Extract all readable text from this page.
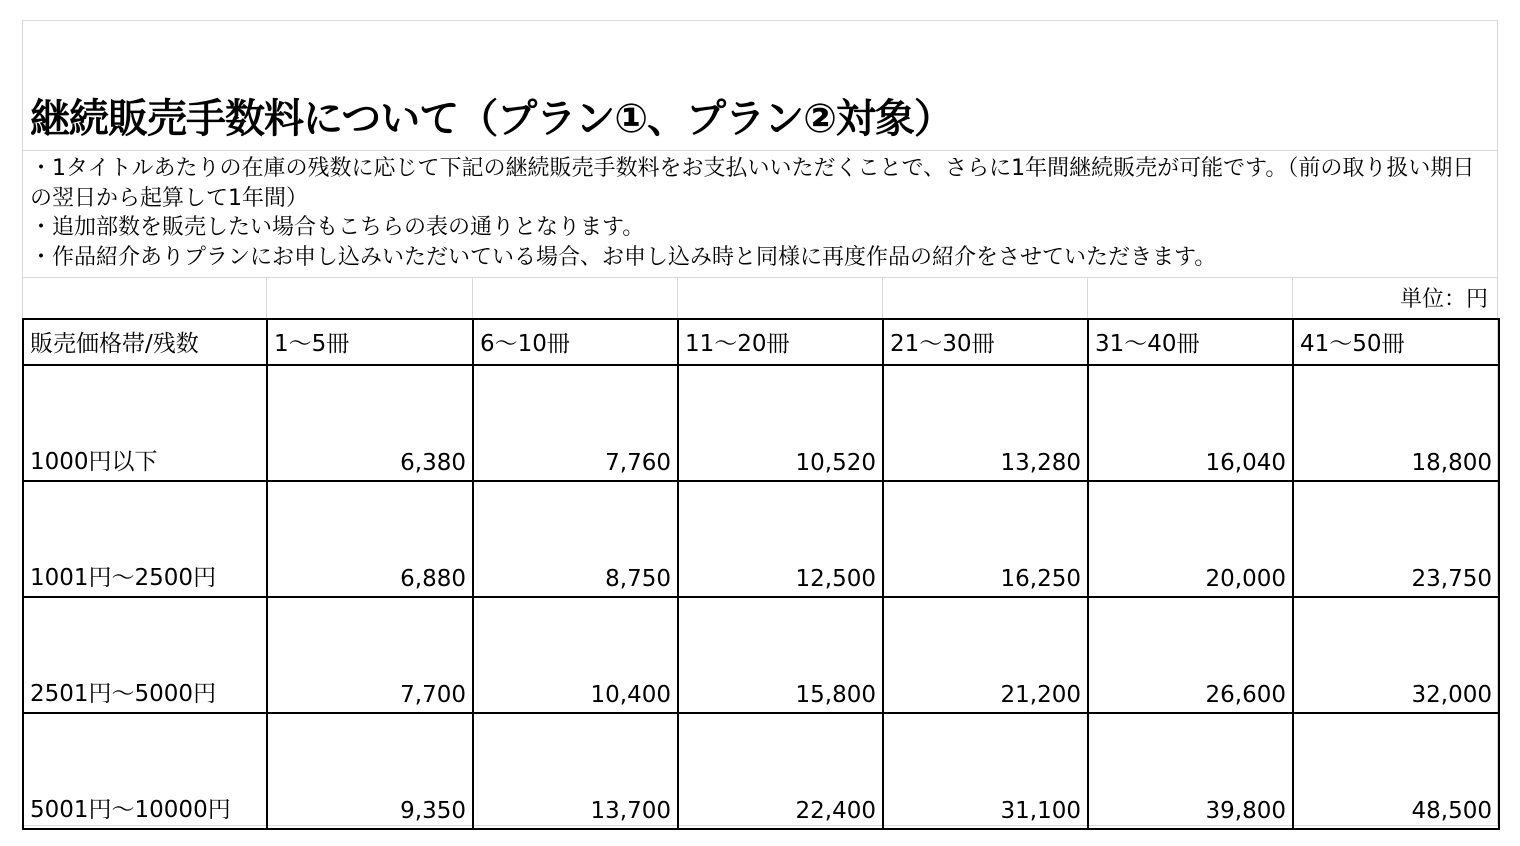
継続販売手数料について（プラン①、プラン②対象）

・1タイトルあたりの在庫の残数に応じて下記の継続販売手数料をお支払いいただくことで、さらに1年間継続販売が可能です。（前の取り扱い期日の翌日から起算して1年間）

・追加部数を販売したい場合もこちらの表の通りとなります。

・作品紹介ありプランにお申し込みいただいている場合、お申し込み時と同様に再度作品の紹介をさせていただきます。

単位：円
販売価格帯/残数	1～5冊	6～10冊	11～20冊	21～30冊	31～40冊	41～50冊
1000円以下	6,380	7,760	10,520	13,280	16,040	18,800
1001円～2500円	6,880	8,750	12,500	16,250	20,000	23,750
2501円～5000円	7,700	10,400	15,800	21,200	26,600	32,000
5001円～10000円	9,350	13,700	22,400	31,100	39,800	48,500
